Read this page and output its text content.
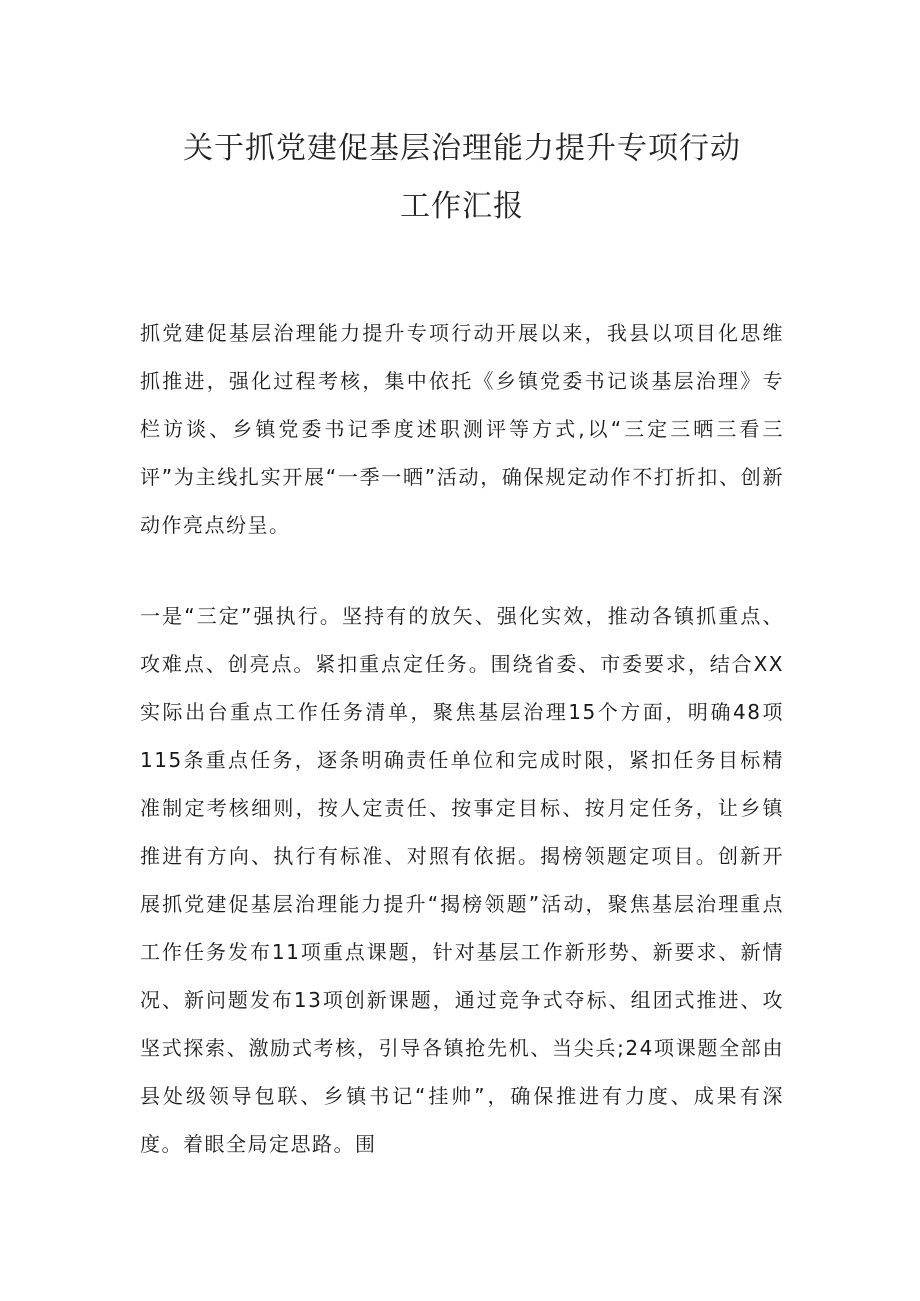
关于抓党建促基层治理能力提升专项行动
工作汇报

抓党建促基层治理能力提升专项行动开展以来，我县以项目化思维抓推进，强化过程考核，集中依托《乡镇党委书记谈基层治理》专栏访谈、乡镇党委书记季度述职测评等方式,以“三定三晒三看三评”为主线扎实开展“一季一晒”活动，确保规定动作不打折扣、创新动作亮点纷呈。

一是“三定”强执行。坚持有的放矢、强化实效，推动各镇抓重点、攻难点、创亮点。紧扣重点定任务。围绕省委、市委要求，结合XX实际出台重点工作任务清单，聚焦基层治理15个方面，明确48项115条重点任务，逐条明确责任单位和完成时限，紧扣任务目标精准制定考核细则，按人定责任、按事定目标、按月定任务，让乡镇推进有方向、执行有标准、对照有依据。揭榜领题定项目。创新开展抓党建促基层治理能力提升“揭榜领题”活动，聚焦基层治理重点工作任务发布11项重点课题，针对基层工作新形势、新要求、新情况、新问题发布13项创新课题，通过竞争式夺标、组团式推进、攻坚式探索、激励式考核，引导各镇抢先机、当尖兵;24项课题全部由县处级领导包联、乡镇书记“挂帅”，确保推进有力度、成果有深度。着眼全局定思路。围
